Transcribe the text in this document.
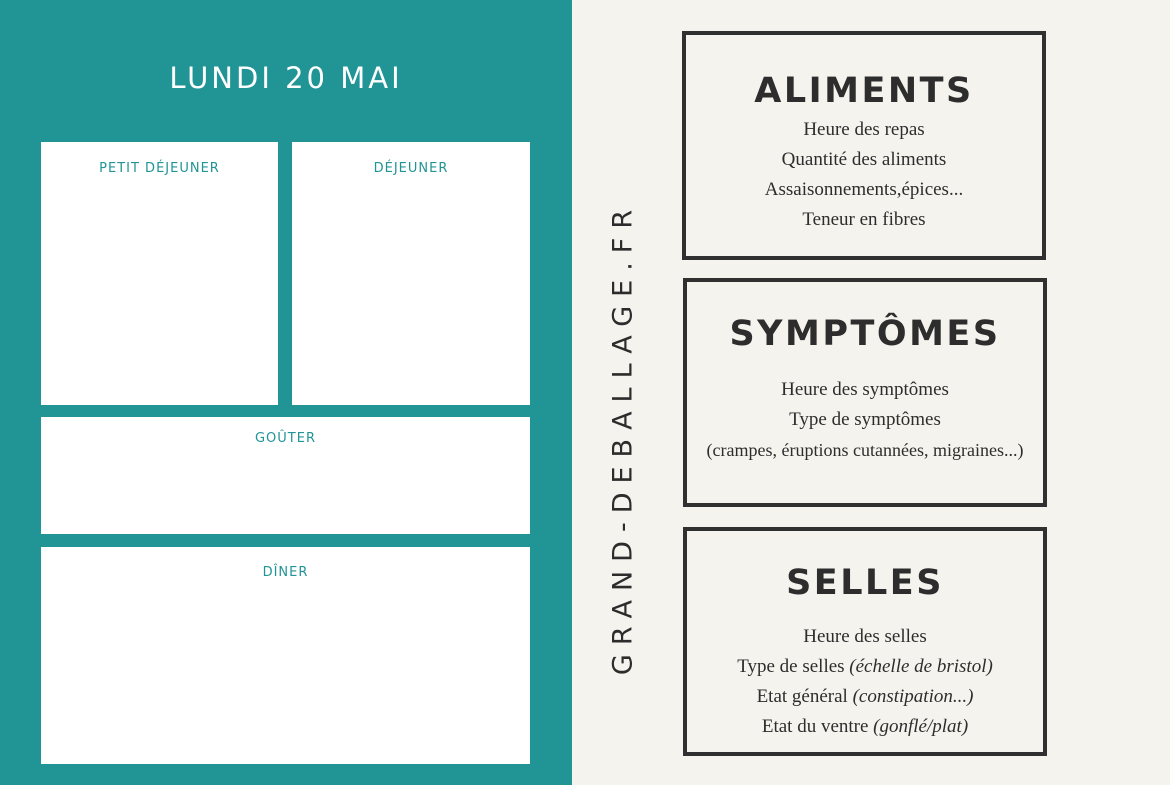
LUNDI 20 MAI
PETIT DÉJEUNER	DÉJEUNER
GOÛTER
DÎNER	GRAND-DEBALLAGE.FR
ALIMENTS
Heure des repas
Quantité des aliments
Assaisonnements,épices...
Teneur en fibres
SYMPTÔMES
Heure des symptômes
Type de symptômes
(crampes, éruptions cutannées, migraines...)
SELLES
Heure des selles
Type de selles (échelle de bristol)
Etat général (constipation...)
Etat du ventre (gonflé/plat)
